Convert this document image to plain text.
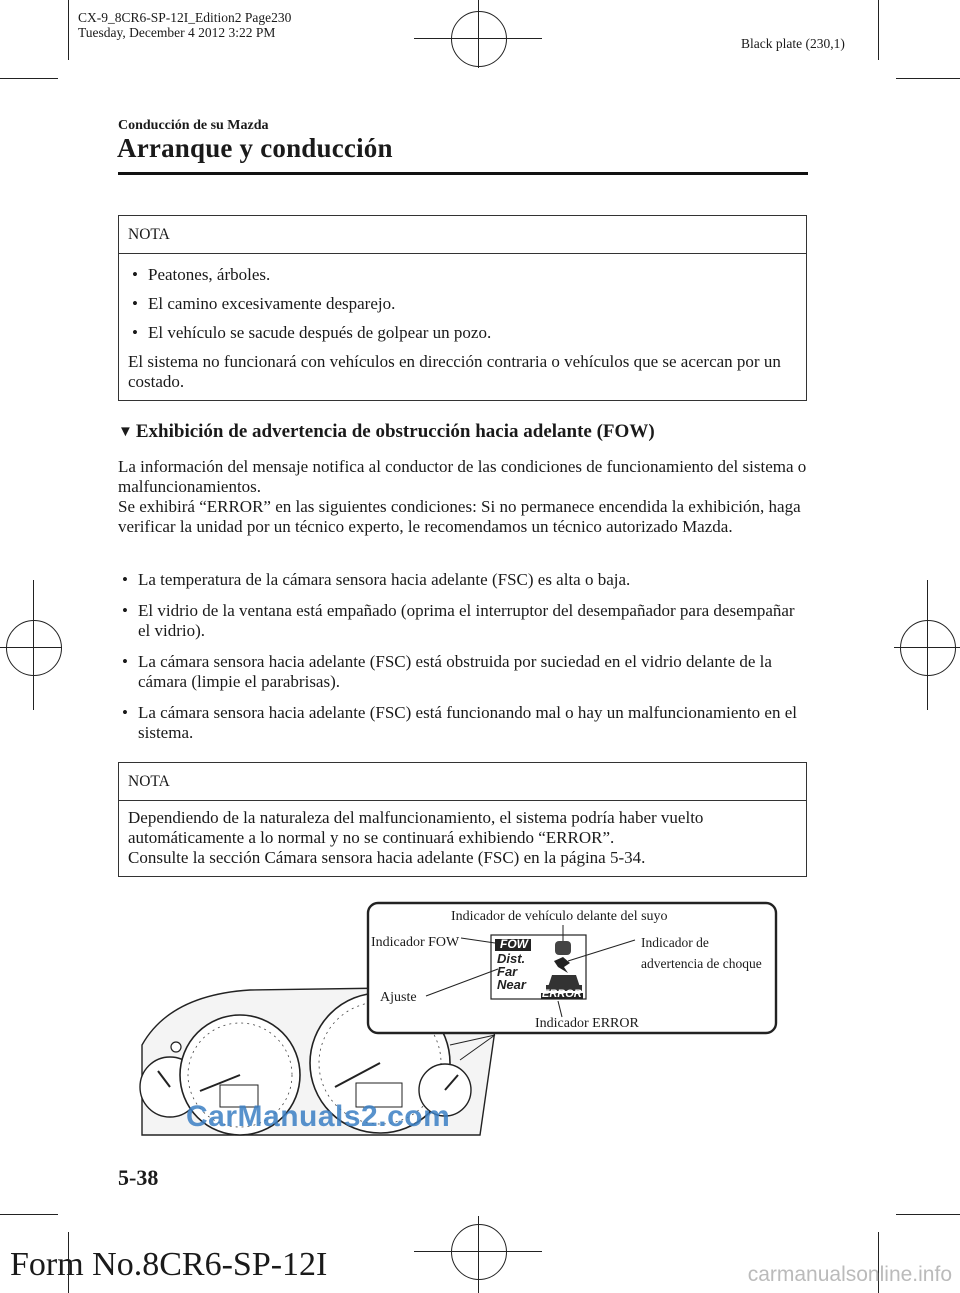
CX-9_8CR6-SP-12I_Edition2 Page230
Tuesday, December 4 2012 3:22 PM
Black plate (230,1)
Conducción de su Mazda
Arranque y conducción
NOTA
• Peatones, árboles.
• El camino excesivamente desparejo.
• El vehículo se sacude después de golpear un pozo.

El sistema no funcionará con vehículos en dirección contraria o vehículos que se acercan por un costado.

▼ Exhibición de advertencia de obstrucción hacia adelante (FOW)

La información del mensaje notifica al conductor de las condiciones de funcionamiento del sistema o malfuncionamientos.

Se exhibirá “ERROR” en las siguientes condiciones: Si no permanece encendida la exhibición, haga verificar la unidad por un técnico experto, le recomendamos un técnico autorizado Mazda.

• La temperatura de la cámara sensora hacia adelante (FSC) es alta o baja.
• El vidrio de la ventana está empañado (oprima el interruptor del desempañador para desempañar el vidrio).
• La cámara sensora hacia adelante (FSC) está obstruida por suciedad en el vidrio delante de la cámara (limpie el parabrisas).
• La cámara sensora hacia adelante (FSC) está funcionando mal o hay un malfuncionamiento en el sistema.
NOTA

Dependiendo de la naturaleza del malfuncionamiento, el sistema podría haber vuelto automáticamente a lo normal y no se continuará exhibiendo “ERROR”.

Consulte la sección Cámara sensora hacia adelante (FSC) en la página 5-34.

FOW
Dist.
Far
Near
ERROR
Indicador de vehículo delante del suyo
Indicador FOW	Indicador de
advertencia de choque
Ajuste
Indicador ERROR
CarManuals2.com
5-38
Form No.8CR6-SP-12I	carmanualsonline.info
